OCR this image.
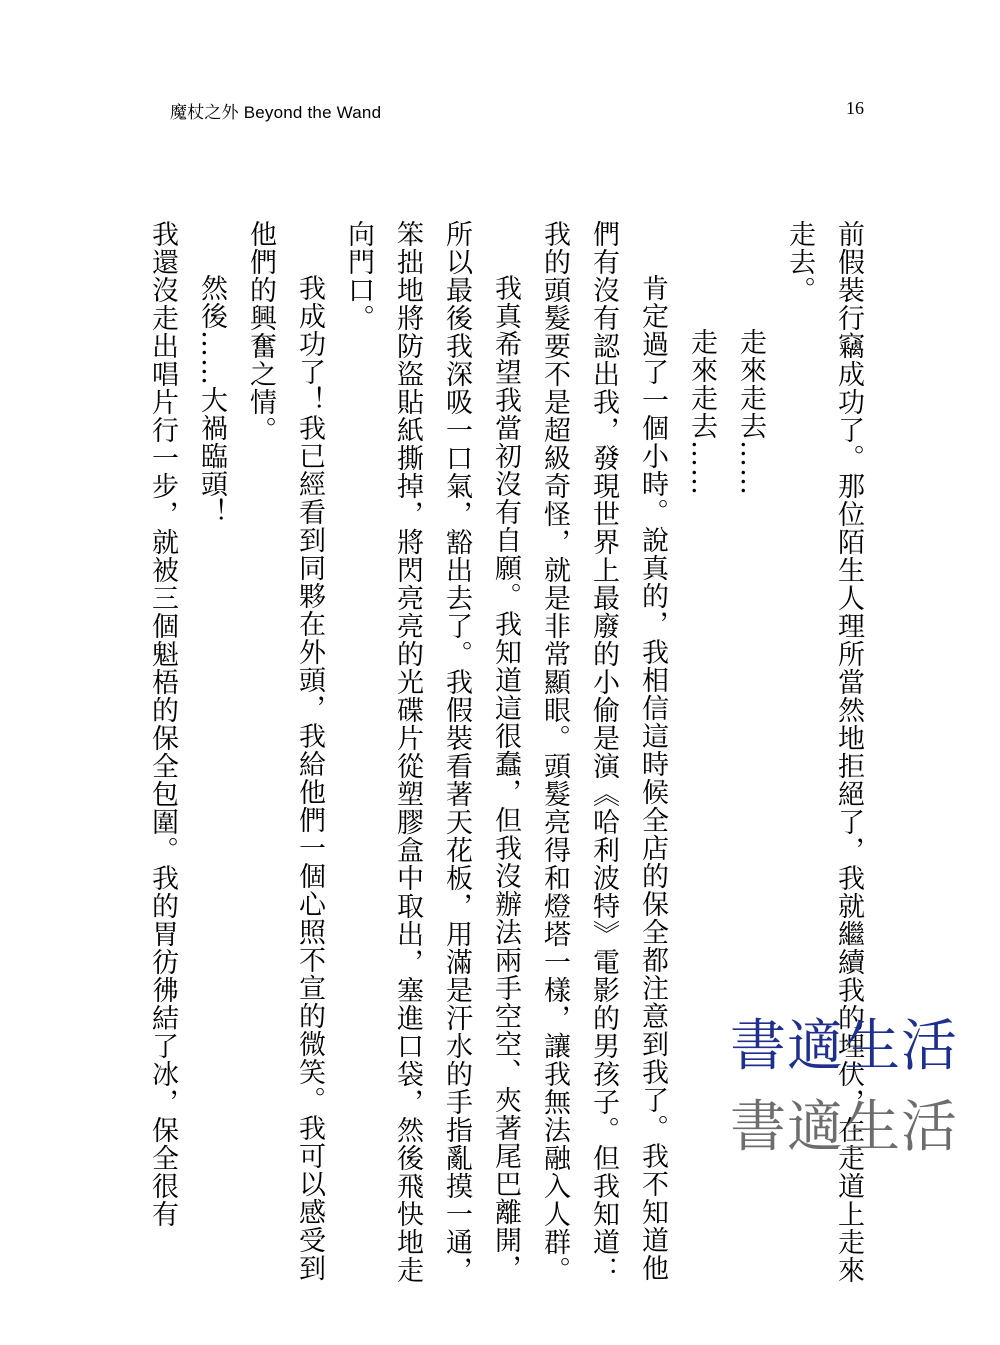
魔杖之外 Beyond the Wand	16

前假裝行竊成功了。那位陌生人理所當然地拒絕了，我就繼續我的埋伏，在走道上走來

走去。

走來走去……

走來走去……

肯定過了一個小時。說真的，我相信這時候全店的保全都注意到我了。我不知道他

們有沒有認出我，發現世界上最廢的小偷是演《哈利波特》電影的男孩子。但我知道：

我的頭髮要不是超級奇怪，就是非常顯眼。頭髮亮得和燈塔一樣，讓我無法融入人群。

我真希望我當初沒有自願。我知道這很蠢，但我沒辦法兩手空空、夾著尾巴離開，

所以最後我深吸一口氣，豁出去了。我假裝看著天花板，用滿是汗水的手指亂摸一通，

笨拙地將防盜貼紙撕掉，將閃亮亮的光碟片從塑膠盒中取出，塞進口袋，然後飛快地走

向門口。

我成功了！我已經看到同夥在外頭，我給他們一個心照不宣的微笑。我可以感受到

他們的興奮之情。

然後……大禍臨頭！

我還沒走出唱片行一步，就被三個魁梧的保全包圍。我的胃彷彿結了冰，保全很有	書適生活
書適生活
